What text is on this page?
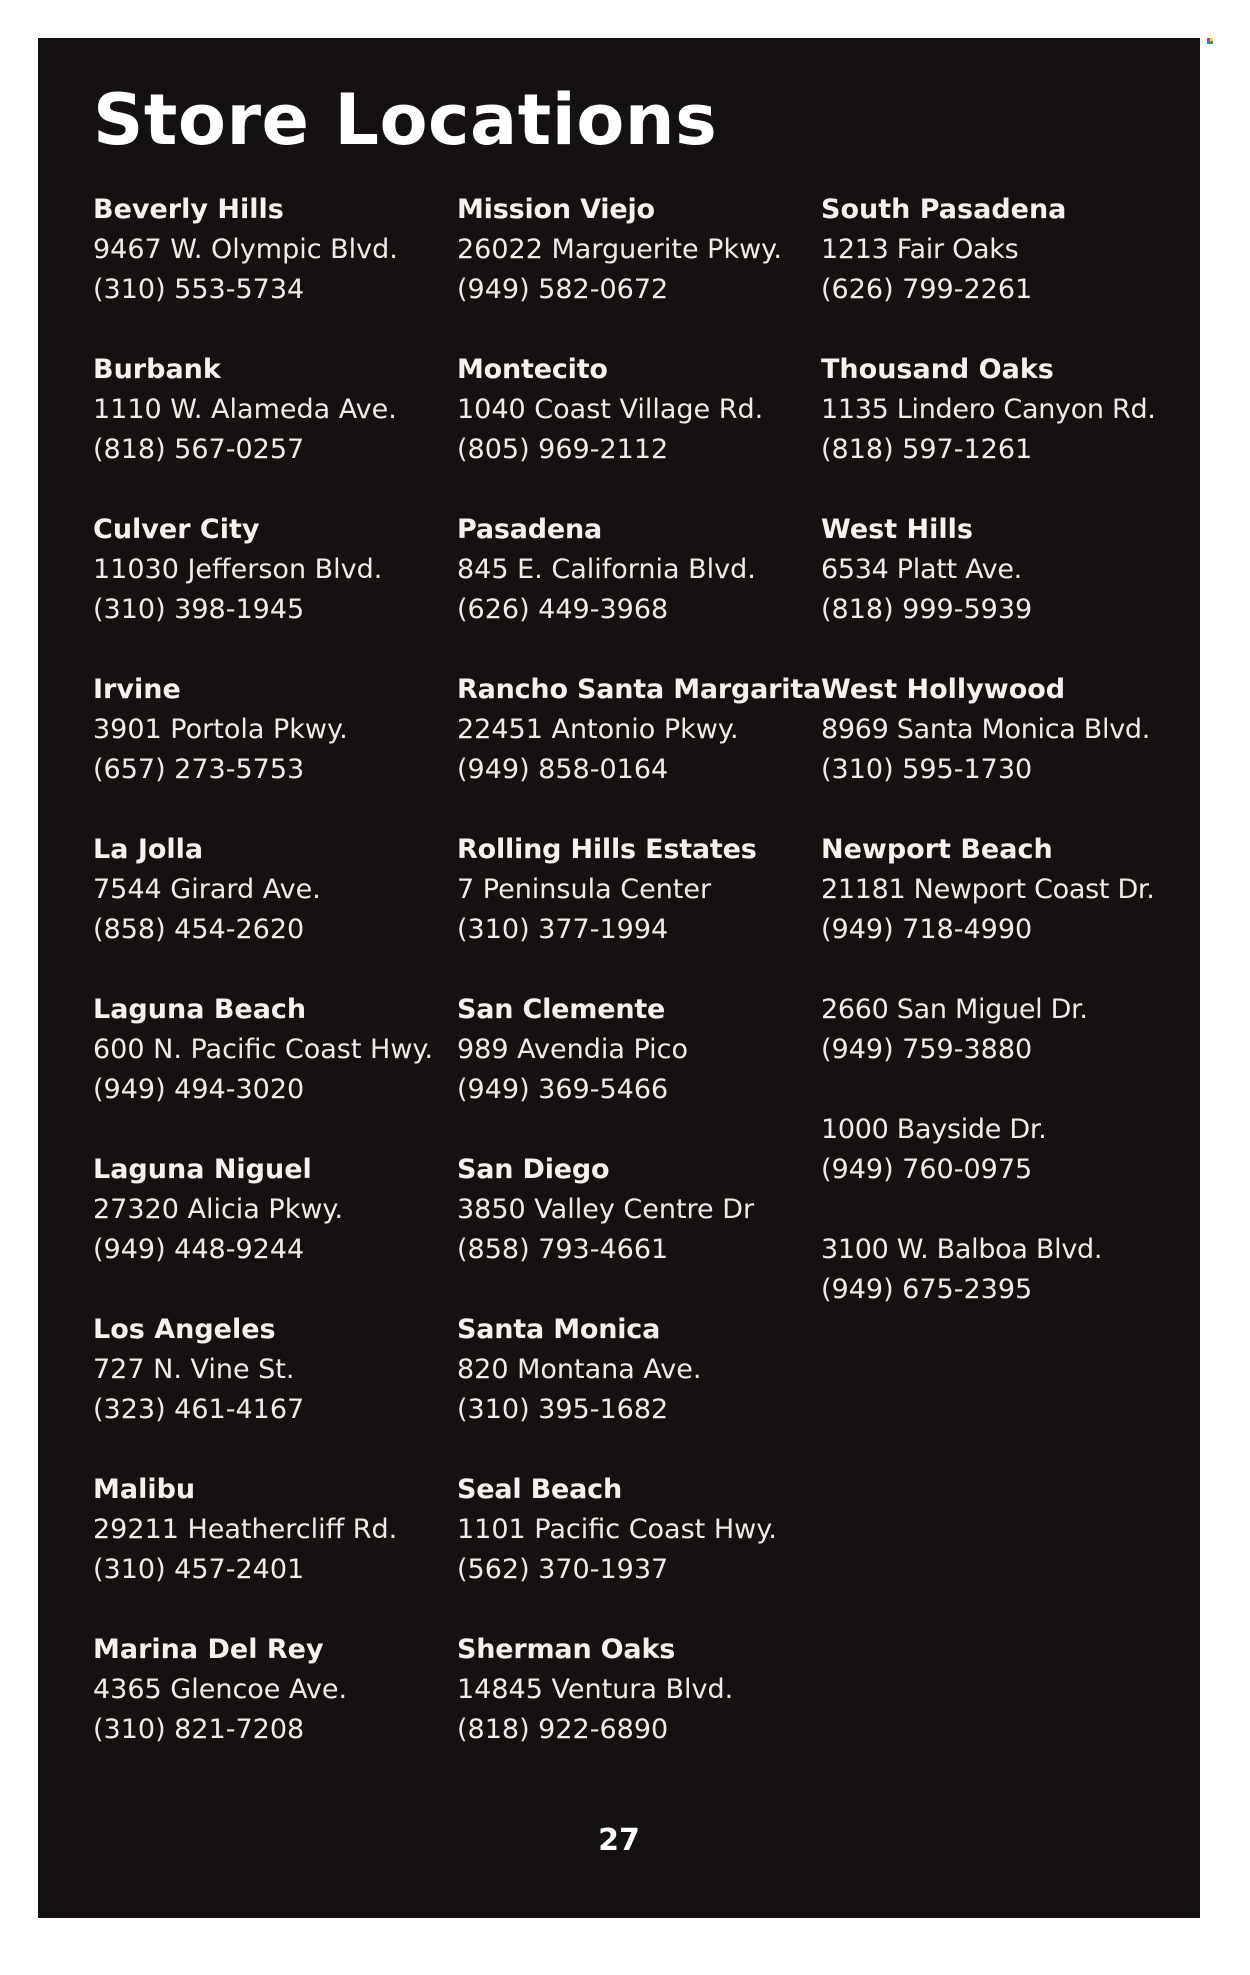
Store Locations
Beverly Hills
9467 W. Olympic Blvd.
(310) 553-5734
Burbank
1110 W. Alameda Ave.
(818) 567-0257
Culver City
11030 Jefferson Blvd.
(310) 398-1945
Irvine
3901 Portola Pkwy.
(657) 273-5753
La Jolla
7544 Girard Ave.
(858) 454-2620
Laguna Beach
600 N. Pacific Coast Hwy.
(949) 494-3020
Laguna Niguel
27320 Alicia Pkwy.
(949) 448-9244
Los Angeles
727 N. Vine St.
(323) 461-4167
Malibu
29211 Heathercliff Rd.
(310) 457-2401
Marina Del Rey
4365 Glencoe Ave.
(310) 821-7208
Mission Viejo
26022 Marguerite Pkwy.
(949) 582-0672
Montecito
1040 Coast Village Rd.
(805) 969-2112
Pasadena
845 E. California Blvd.
(626) 449-3968
Rancho Santa Margarita
22451 Antonio Pkwy.
(949) 858-0164
Rolling Hills Estates
7 Peninsula Center
(310) 377-1994
San Clemente
989 Avendia Pico
(949) 369-5466
San Diego
3850 Valley Centre Dr
(858) 793-4661
Santa Monica
820 Montana Ave.
(310) 395-1682
Seal Beach
1101 Pacific Coast Hwy.
(562) 370-1937
Sherman Oaks
14845 Ventura Blvd.
(818) 922-6890
South Pasadena
1213 Fair Oaks
(626) 799-2261
Thousand Oaks
1135 Lindero Canyon Rd.
(818) 597-1261
West Hills
6534 Platt Ave.
(818) 999-5939
West Hollywood
8969 Santa Monica Blvd.
(310) 595-1730
Newport Beach
21181 Newport Coast Dr.
(949) 718-4990
2660 San Miguel Dr.
(949) 759-3880
1000 Bayside Dr.
(949) 760-0975
3100 W. Balboa Blvd.
(949) 675-2395
27
